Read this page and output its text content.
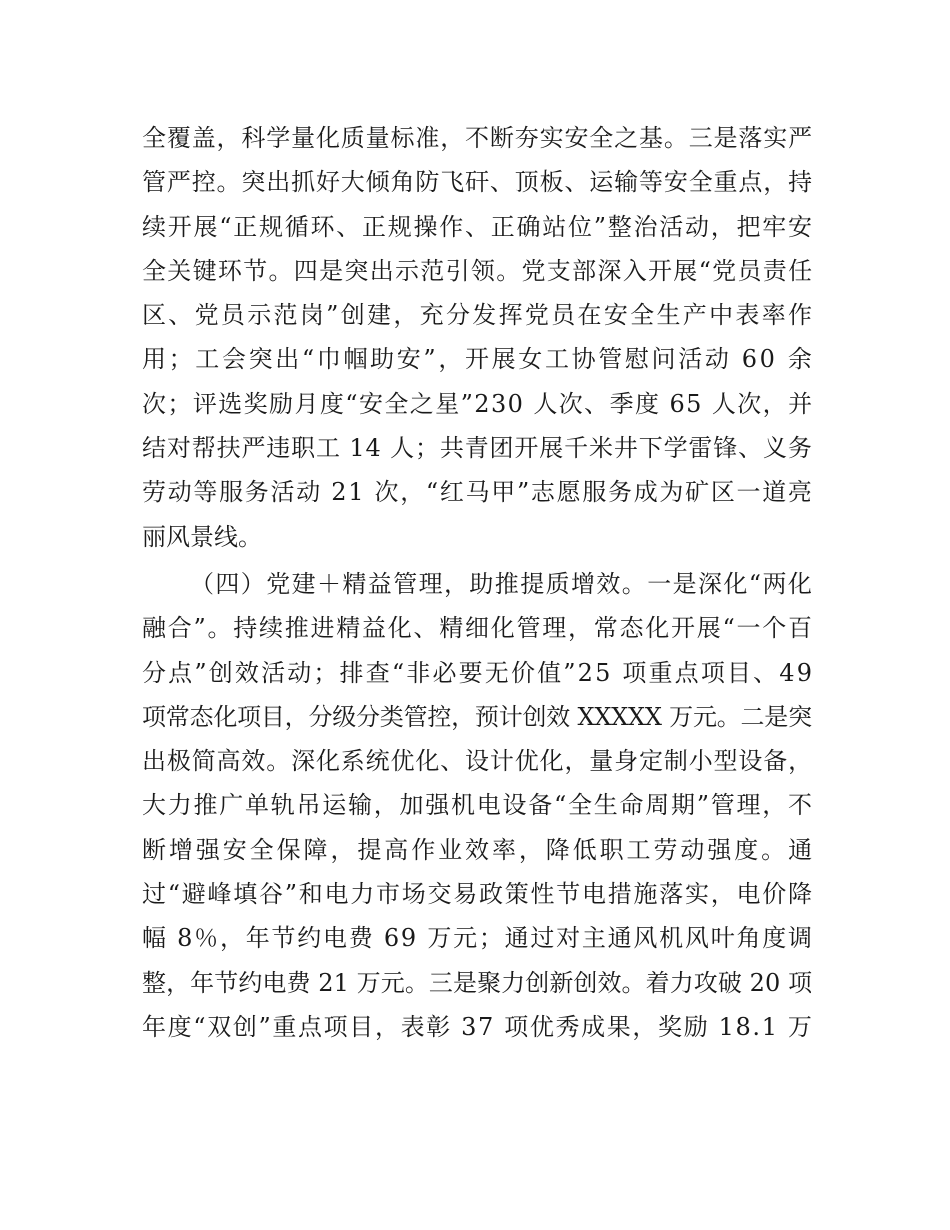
全覆盖，科学量化质量标准，不断夯实安全之基。三是落实严
管严控。突出抓好大倾角防飞矸、顶板、运输等安全重点，持
续开展“正规循环、正规操作、正确站位”整治活动，把牢安
全关键环节。四是突出示范引领。党支部深入开展“党员责任
区、党员示范岗”创建，充分发挥党员在安全生产中表率作
用；工会突出“巾帼助安”，开展女工协管慰问活动 60 余
次；评选奖励月度“安全之星”230 人次、季度 65 人次，并
结对帮扶严违职工 14 人；共青团开展千米井下学雷锋、义务
劳动等服务活动 21 次，“红马甲”志愿服务成为矿区一道亮
丽风景线。
（四）党建＋精益管理，助推提质增效。一是深化“两化
融合”。持续推进精益化、精细化管理，常态化开展“一个百
分点”创效活动；排查“非必要无价值”25 项重点项目、49
项常态化项目，分级分类管控，预计创效 XXXXX 万元。二是突
出极简高效。深化系统优化、设计优化，量身定制小型设备，
大力推广单轨吊运输，加强机电设备“全生命周期”管理，不
断增强安全保障，提高作业效率，降低职工劳动强度。通
过“避峰填谷”和电力市场交易政策性节电措施落实，电价降
幅 8％，年节约电费 69 万元；通过对主通风机风叶角度调
整，年节约电费 21 万元。三是聚力创新创效。着力攻破 20 项
年度“双创”重点项目，表彰 37 项优秀成果，奖励 18.1 万
